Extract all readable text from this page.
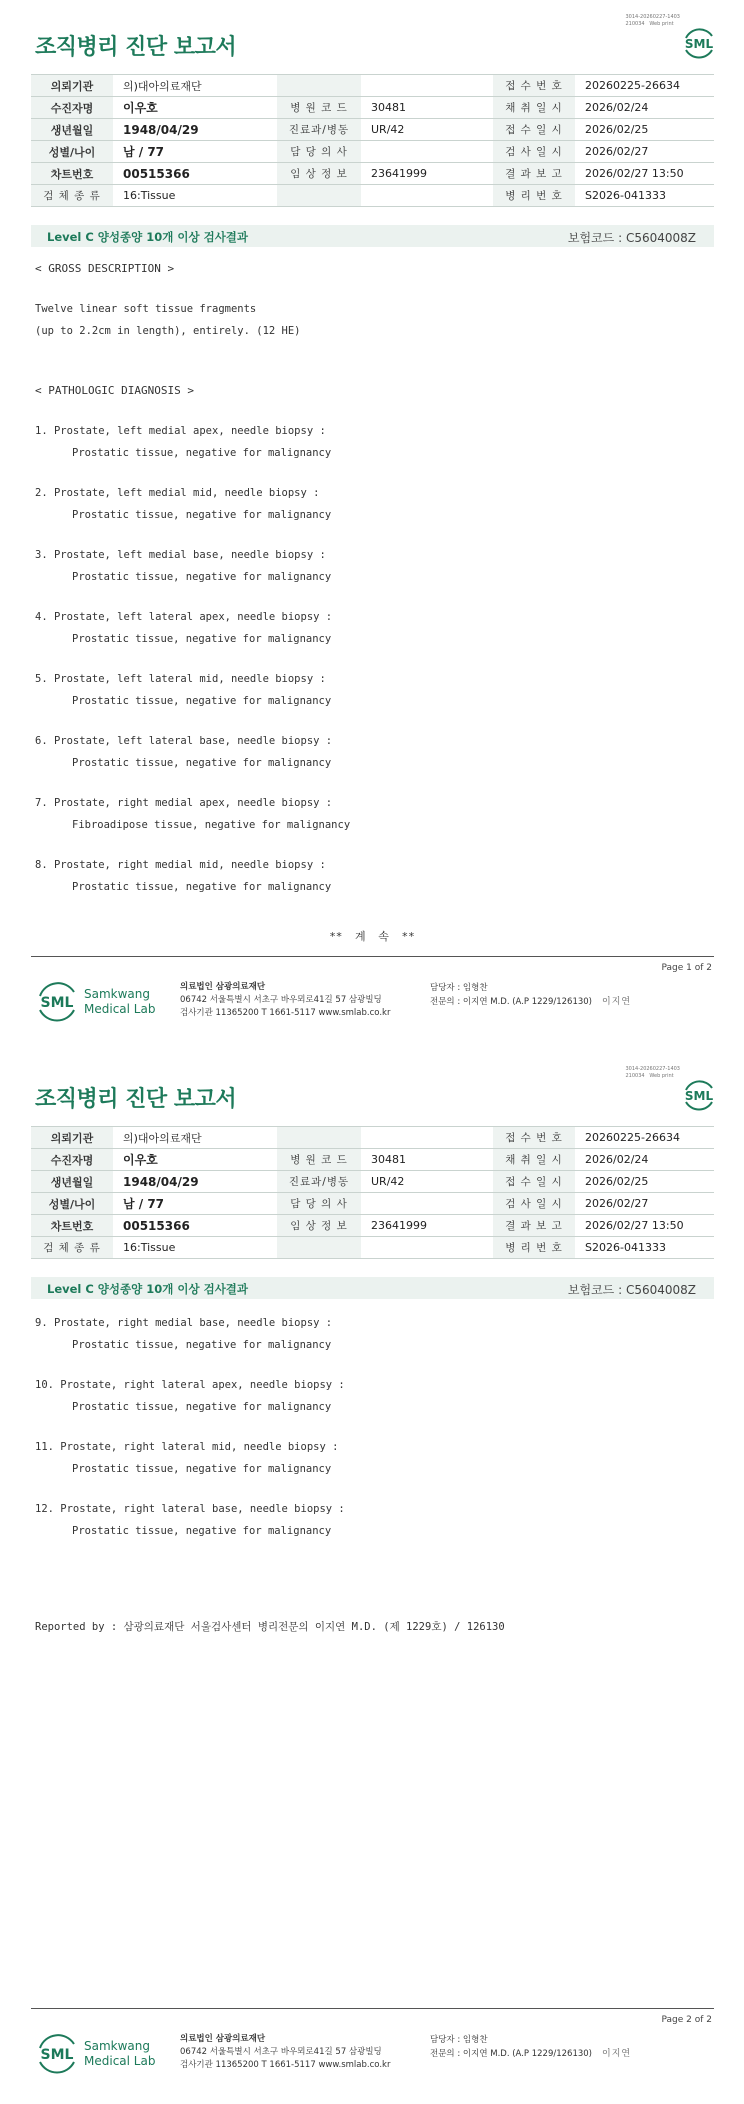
3014-20260227-1403
210034 Web print
조직병리 진단 보고서	SML
의뢰기관	의)대아의료재단			접 수 번 호	20260225-26634
수진자명	이우호	병 원 코 드	30481	채 취 일 시	2026/02/24
생년월일	1948/04/29	진료과/병동	UR/42	접 수 일 시	2026/02/25
성별/나이	남 / 77	담 당 의 사		검 사 일 시	2026/02/27
차트번호	00515366	임 상 정 보	23641999	결 과 보 고	2026/02/27 13:50
검 체 종 류	16:Tissue			병 리 번 호	S2026-041333
Level C 양성종양 10개 이상 검사결과	보험코드 : C5604008Z
< GROSS DESCRIPTION >
Twelve linear soft tissue fragments
(up to 2.2cm in length), entirely. (12 HE)
< PATHOLOGIC DIAGNOSIS >
1. Prostate, left medial apex, needle biopsy :
Prostatic tissue, negative for malignancy
2. Prostate, left medial mid, needle biopsy :
Prostatic tissue, negative for malignancy
3. Prostate, left medial base, needle biopsy :
Prostatic tissue, negative for malignancy
4. Prostate, left lateral apex, needle biopsy :
Prostatic tissue, negative for malignancy
5. Prostate, left lateral mid, needle biopsy :
Prostatic tissue, negative for malignancy
6. Prostate, left lateral base, needle biopsy :
Prostatic tissue, negative for malignancy
7. Prostate, right medial apex, needle biopsy :
Fibroadipose tissue, negative for malignancy
8. Prostate, right medial mid, needle biopsy :
Prostatic tissue, negative for malignancy
** 계 속 **
Page 1 of 2
SML
Samkwang
Medical Lab
의료법인 삼광의료재단
06742 서울특별시 서초구 바우뫼로41길 57 삼광빌딩
검사기관 11365200 T 1661-5117 www.smlab.co.kr
담당자 : 임형찬
전문의 : 이지연 M.D. (A.P 1229/126130) 이지연
3014-20260227-1403
210034 Web print
조직병리 진단 보고서	SML
의뢰기관	의)대아의료재단			접 수 번 호	20260225-26634
수진자명	이우호	병 원 코 드	30481	채 취 일 시	2026/02/24
생년월일	1948/04/29	진료과/병동	UR/42	접 수 일 시	2026/02/25
성별/나이	남 / 77	담 당 의 사		검 사 일 시	2026/02/27
차트번호	00515366	임 상 정 보	23641999	결 과 보 고	2026/02/27 13:50
검 체 종 류	16:Tissue			병 리 번 호	S2026-041333
Level C 양성종양 10개 이상 검사결과	보험코드 : C5604008Z
9. Prostate, right medial base, needle biopsy :
Prostatic tissue, negative for malignancy
10. Prostate, right lateral apex, needle biopsy :
Prostatic tissue, negative for malignancy
11. Prostate, right lateral mid, needle biopsy :
Prostatic tissue, negative for malignancy
12. Prostate, right lateral base, needle biopsy :
Prostatic tissue, negative for malignancy
Reported by : 삼광의료재단 서울검사센터 병리전문의 이지연 M.D. (제 1229호) / 126130
Page 2 of 2
SML
Samkwang
Medical Lab
의료법인 삼광의료재단
06742 서울특별시 서초구 바우뫼로41길 57 삼광빌딩
검사기관 11365200 T 1661-5117 www.smlab.co.kr
담당자 : 임형찬
전문의 : 이지연 M.D. (A.P 1229/126130) 이지연
